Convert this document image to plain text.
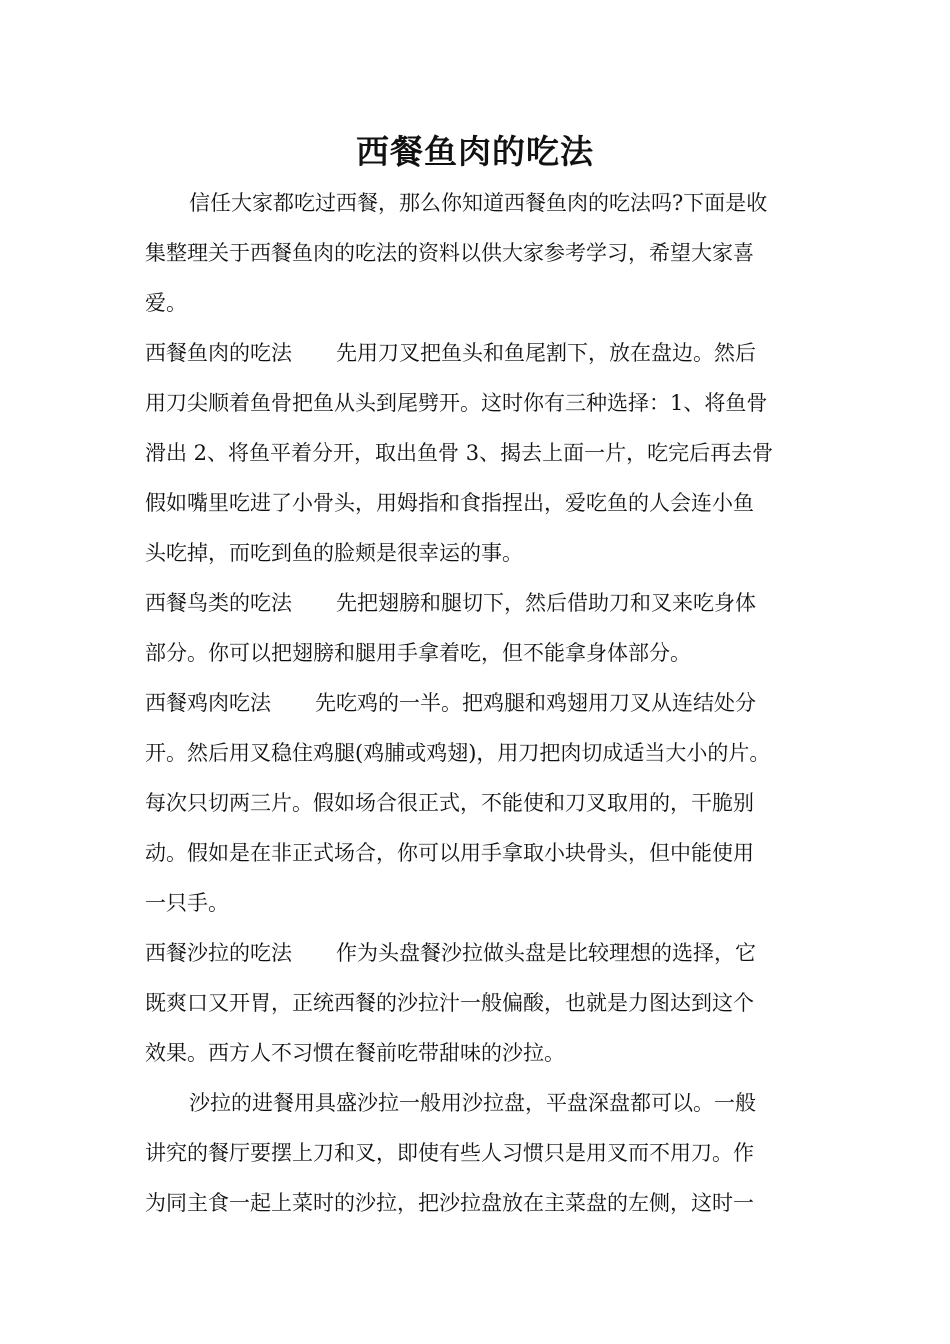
西餐鱼肉的吃法
信任大家都吃过西餐，那么你知道西餐鱼肉的吃法吗?下面是收
集整理关于西餐鱼肉的吃法的资料以供大家参考学习，希望大家喜
爱。
西餐鱼肉的吃法 先用刀叉把鱼头和鱼尾割下，放在盘边。然后
用刀尖顺着鱼骨把鱼从头到尾劈开。这时你有三种选择：1、将鱼骨
滑出 2、将鱼平着分开，取出鱼骨 3、揭去上面一片，吃完后再去骨
假如嘴里吃进了小骨头，用姆指和食指捏出，爱吃鱼的人会连小鱼
头吃掉，而吃到鱼的脸颊是很幸运的事。
西餐鸟类的吃法 先把翅膀和腿切下，然后借助刀和叉来吃身体
部分。你可以把翅膀和腿用手拿着吃，但不能拿身体部分。
西餐鸡肉吃法 先吃鸡的一半。把鸡腿和鸡翅用刀叉从连结处分
开。然后用叉稳住鸡腿(鸡脯或鸡翅)，用刀把肉切成适当大小的片。
每次只切两三片。假如场合很正式，不能使和刀叉取用的，干脆别
动。假如是在非正式场合，你可以用手拿取小块骨头，但中能使用
一只手。
西餐沙拉的吃法 作为头盘餐沙拉做头盘是比较理想的选择，它
既爽口又开胃，正统西餐的沙拉汁一般偏酸，也就是力图达到这个
效果。西方人不习惯在餐前吃带甜味的沙拉。
沙拉的进餐用具盛沙拉一般用沙拉盘，平盘深盘都可以。一般
讲究的餐厅要摆上刀和叉，即使有些人习惯只是用叉而不用刀。作
为同主食一起上菜时的沙拉，把沙拉盘放在主菜盘的左侧，这时一
